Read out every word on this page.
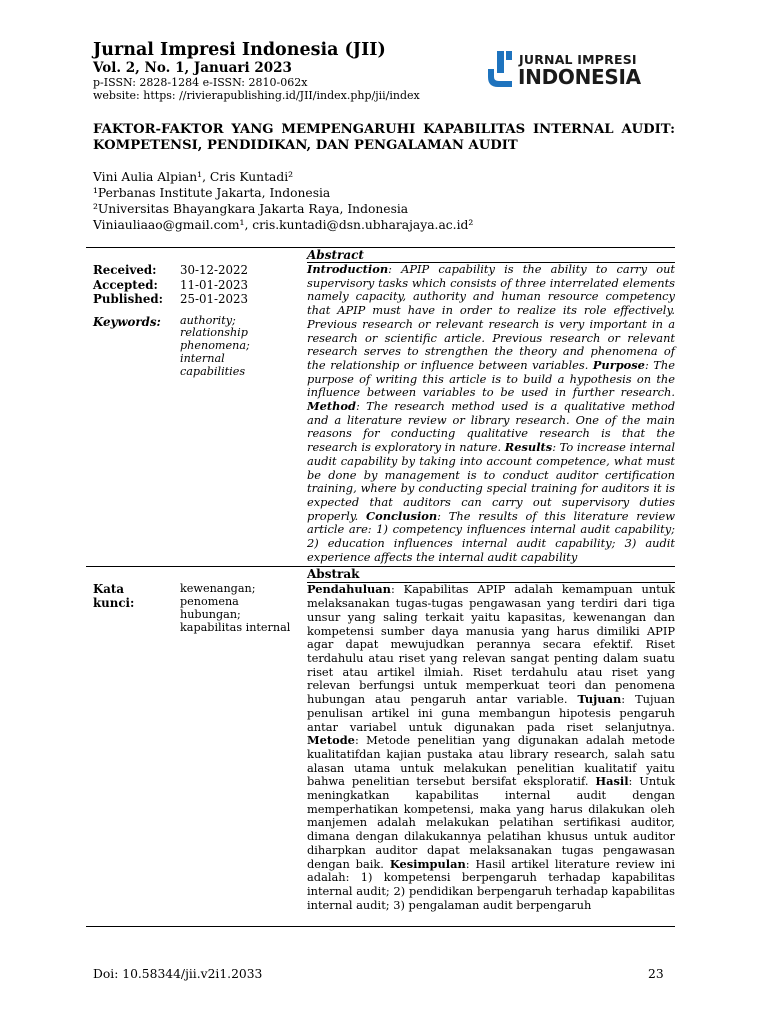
Jurnal Impresi Indonesia (JII)
Vol. 2, No. 1, Januari 2023
p-ISSN: 2828-1284 e-ISSN: 2810-062x
website: https: //rivierapublishing.id/JII/index.php/jii/index
JURNAL IMPRESI
INDONESIA
FAKTOR-FAKTOR YANG MEMPENGARUHI KAPABILITAS INTERNAL AUDIT: KOMPETENSI, PENDIDIKAN, DAN PENGALAMAN AUDIT
Vini Aulia Alpian¹, Cris Kuntadi²
¹Perbanas Institute Jakarta, Indonesia
²Universitas Bhayangkara Jakarta Raya, Indonesia
Viniauliaao@gmail.com¹, cris.kuntadi@dsn.ubharajaya.ac.id²
Abstract
Received: 30-12-2022
Accepted: 11-01-2023
Published: 25-01-2023
Keywords: authority;
relationship
phenomena;
internal
capabilities
Introduction: APIP capability is the ability to carry out supervisory tasks which consists of three interrelated elements namely capacity, authority and human resource competency that APIP must have in order to realize its role effectively. Previous research or relevant research is very important in a research or scientific article. Previous research or relevant research serves to strengthen the theory and phenomena of the relationship or influence between variables. Purpose: The purpose of writing this article is to build a hypothesis on the influence between variables to be used in further research. Method: The research method used is a qualitative method and a literature review or library research. One of the main reasons for conducting qualitative research is that the research is exploratory in nature. Results: To increase internal audit capability by taking into account competence, what must be done by management is to conduct auditor certification training, where by conducting special training for auditors it is expected that auditors can carry out supervisory duties properly. Conclusion: The results of this literature review article are: 1) competency influences internal audit capability; 2) education influences internal audit capability; 3) audit experience affects the internal audit capability
Abstrak
Kata kunci:
kewenangan;
penomena
hubungan;
kapabilitas internal
Pendahuluan: Kapabilitas APIP adalah kemampuan untuk melaksanakan tugas-tugas pengawasan yang terdiri dari tiga unsur yang saling terkait yaitu kapasitas, kewenangan dan kompetensi sumber daya manusia yang harus dimiliki APIP agar dapat mewujudkan perannya secara efektif. Riset terdahulu atau riset yang relevan sangat penting dalam suatu riset atau artikel ilmiah. Riset terdahulu atau riset yang relevan berfungsi untuk memperkuat teori dan penomena hubungan atau pengaruh antar variable. Tujuan: Tujuan penulisan artikel ini guna membangun hipotesis pengaruh antar variabel untuk digunakan pada riset selanjutnya. Metode: Metode penelitian yang digunakan adalah metode kualitatifdan kajian pustaka atau library research, salah satu alasan utama untuk melakukan penelitian kualitatif yaitu bahwa penelitian tersebut bersifat eksploratif. Hasil: Untuk meningkatkan kapabilitas internal audit dengan memperhatikan kompetensi, maka yang harus dilakukan oleh manjemen adalah melakukan pelatihan sertifikasi auditor, dimana dengan dilakukannya pelatihan khusus untuk auditor diharpkan auditor dapat melaksanakan tugas pengawasan dengan baik. Kesimpulan: Hasil artikel literature review ini adalah: 1) kompetensi berpengaruh terhadap kapabilitas internal audit; 2) pendidikan berpengaruh terhadap kapabilitas internal audit; 3) pengalaman audit berpengaruh
Doi: 10.58344/jii.v2i1.2033	23
